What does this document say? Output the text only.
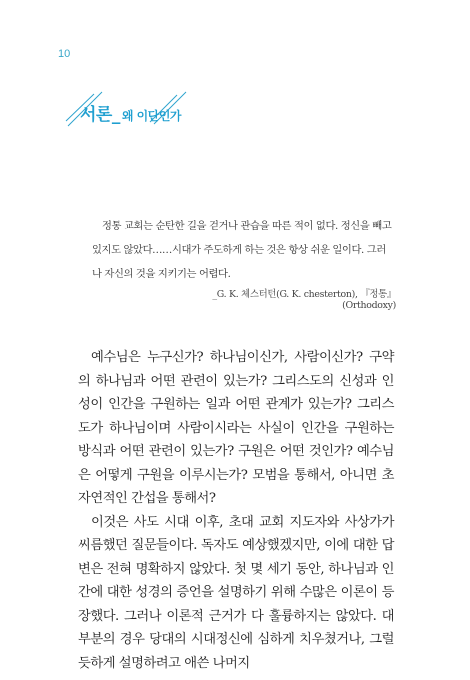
10
서론_ 왜 이단인가

정통 교회는 순탄한 길을 걷거나 관습을 따른 적이 없다. 정신을 빼고 있지도 않았다……시대가 주도하게 하는 것은 항상 쉬운 일이다. 그러나 자신의 것을 지키기는 어렵다.

_G. K. 체스터턴(G. K. chesterton), 『정통』(Orthodoxy)

예수님은 누구신가? 하나님이신가, 사람이신가? 구약의 하나님과 어떤 관련이 있는가? 그리스도의 신성과 인성이 인간을 구원하는 일과 어떤 관계가 있는가? 그리스도가 하나님이며 사람이시라는 사실이 인간을 구원하는 방식과 어떤 관련이 있는가? 구원은 어떤 것인가? 예수님은 어떻게 구원을 이루시는가? 모범을 통해서, 아니면 초자연적인 간섭을 통해서?

이것은 사도 시대 이후, 초대 교회 지도자와 사상가가 씨름했던 질문들이다. 독자도 예상했겠지만, 이에 대한 답변은 전혀 명확하지 않았다. 첫 몇 세기 동안, 하나님과 인간에 대한 성경의 증언을 설명하기 위해 수많은 이론이 등장했다. 그러나 이론적 근거가 다 훌륭하지는 않았다. 대부분의 경우 당대의 시대정신에 심하게 치우쳤거나, 그럴듯하게 설명하려고 애쓴 나머지
